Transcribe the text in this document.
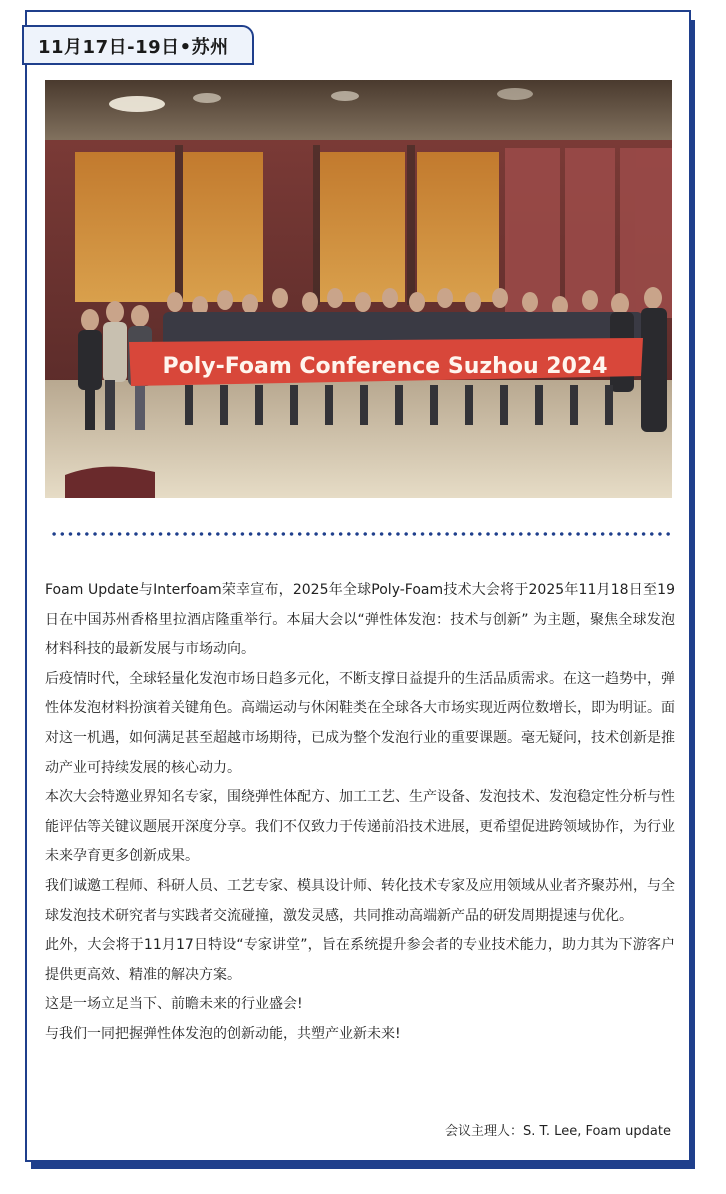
11月17日-19日•苏州
Poly-Foam Conference Suzhou 2024

Foam Update与Interfoam荣幸宣布，2025年全球Poly-Foam技术大会将于2025年11月18日至19日在中国苏州香格里拉酒店隆重举行。本届大会以“弹性体发泡：技术与创新” 为主题，聚焦全球发泡材料科技的最新发展与市场动向。

后疫情时代，全球轻量化发泡市场日趋多元化，不断支撑日益提升的生活品质需求。在这一趋势中，弹性体发泡材料扮演着关键角色。高端运动与休闲鞋类在全球各大市场实现近两位数增长，即为明证。面对这一机遇，如何满足甚至超越市场期待，已成为整个发泡行业的重要课题。毫无疑问，技术创新是推动产业可持续发展的核心动力。

本次大会特邀业界知名专家，围绕弹性体配方、加工工艺、生产设备、发泡技术、发泡稳定性分析与性能评估等关键议题展开深度分享。我们不仅致力于传递前沿技术进展，更希望促进跨领域协作，为行业未来孕育更多创新成果。

我们诚邀工程师、科研人员、工艺专家、模具设计师、转化技术专家及应用领域从业者齐聚苏州，与全球发泡技术研究者与实践者交流碰撞，激发灵感，共同推动高端新产品的研发周期提速与优化。

此外，大会将于11月17日特设“专家讲堂”，旨在系统提升参会者的专业技术能力，助力其为下游客户提供更高效、精准的解决方案。

这是一场立足当下、前瞻未来的行业盛会!

与我们一同把握弹性体发泡的创新动能，共塑产业新未来!

会议主理人：S. T. Lee, Foam update
